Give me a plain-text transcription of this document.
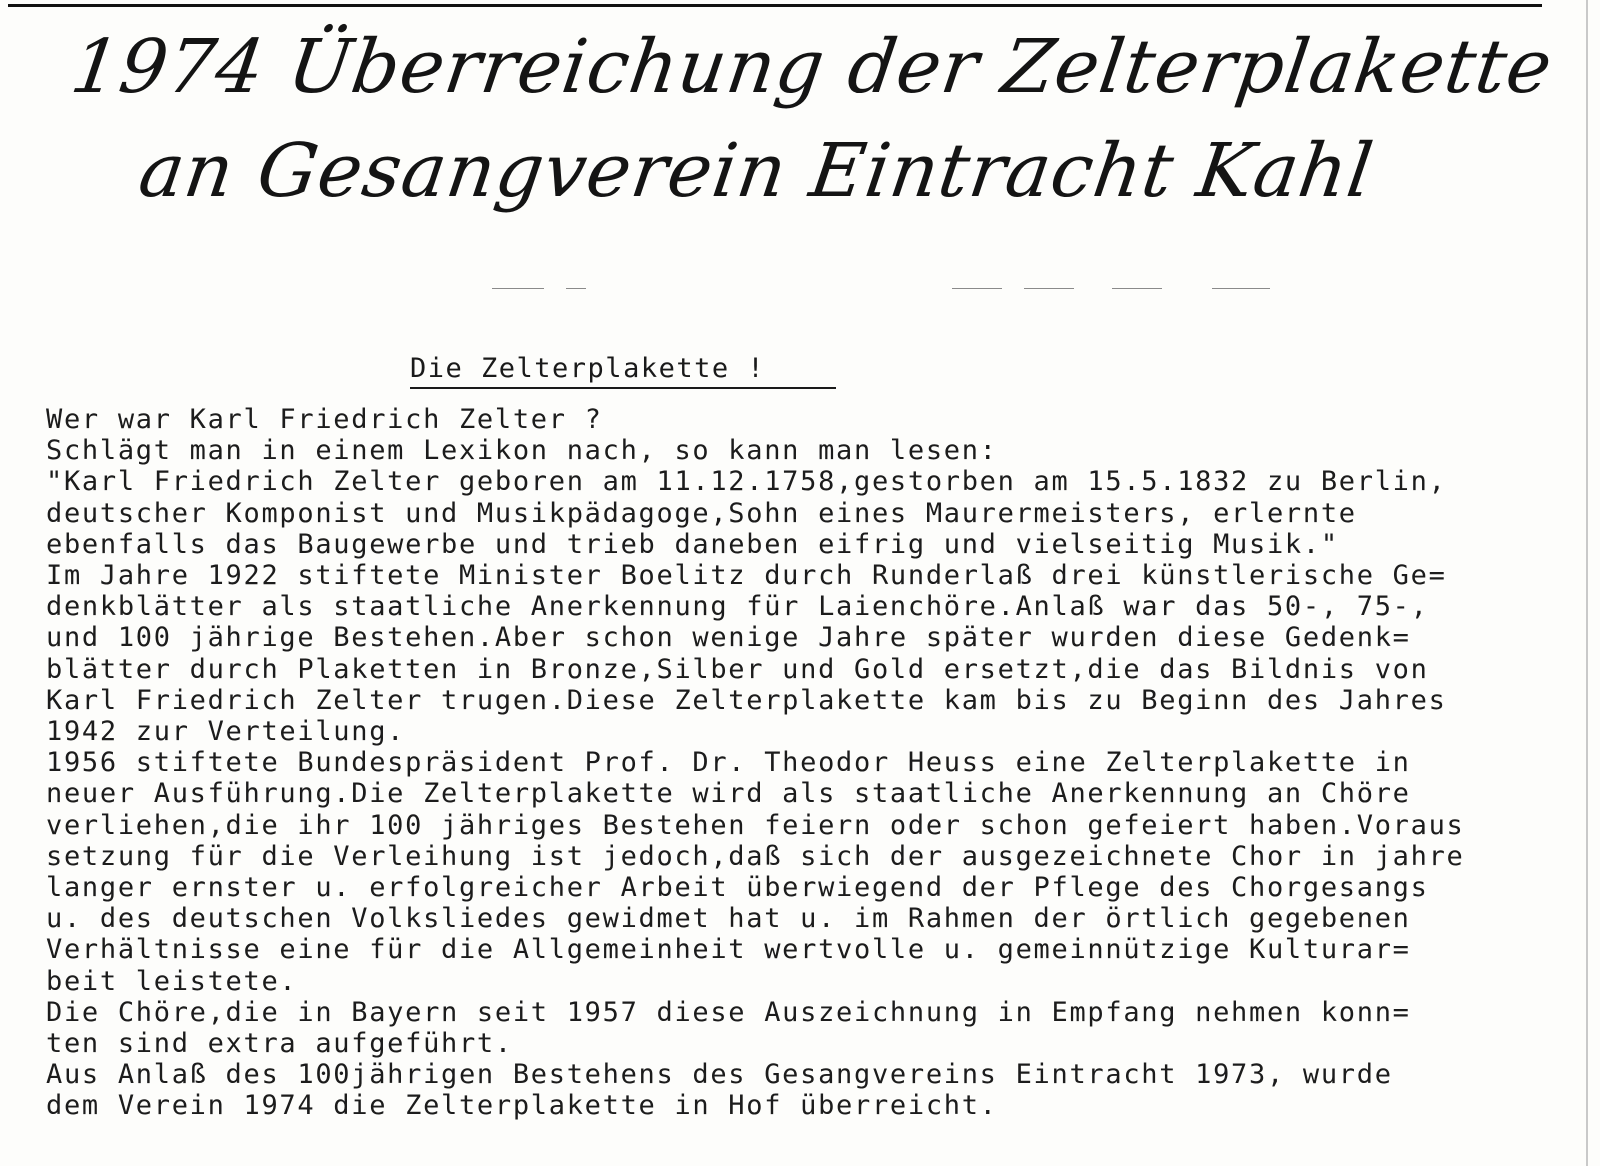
1974 Überreichung der Zelterplakette
an Gesangverein Eintracht Kahl
Die Zelterplakette !
Wer war Karl Friedrich Zelter ?
Schlägt man in einem Lexikon nach, so kann man lesen:
"Karl Friedrich Zelter geboren am 11.12.1758,gestorben am 15.5.1832 zu Berlin,
deutscher Komponist und Musikpädagoge,Sohn eines Maurermeisters, erlernte
ebenfalls das Baugewerbe und trieb daneben eifrig und vielseitig Musik."
Im Jahre 1922 stiftete Minister Boelitz durch Runderlaß drei künstlerische Ge=
denkblätter als staatliche Anerkennung für Laienchöre.Anlaß war das 50-, 75-,
und 100 jährige Bestehen.Aber schon wenige Jahre später wurden diese Gedenk=
blätter durch Plaketten in Bronze,Silber und Gold ersetzt,die das Bildnis von
Karl Friedrich Zelter trugen.Diese Zelterplakette kam bis zu Beginn des Jahres
1942 zur Verteilung.
1956 stiftete Bundespräsident Prof. Dr. Theodor Heuss eine Zelterplakette in
neuer Ausführung.Die Zelterplakette wird als staatliche Anerkennung an Chöre
verliehen,die ihr 100 jähriges Bestehen feiern oder schon gefeiert haben.Voraus
setzung für die Verleihung ist jedoch,daß sich der ausgezeichnete Chor in jahre
langer ernster u. erfolgreicher Arbeit überwiegend der Pflege des Chorgesangs
u. des deutschen Volksliedes gewidmet hat u. im Rahmen der örtlich gegebenen
Verhältnisse eine für die Allgemeinheit wertvolle u. gemeinnützige Kulturar=
beit leistete.
Die Chöre,die in Bayern seit 1957 diese Auszeichnung in Empfang nehmen konn=
ten sind extra aufgeführt.
Aus Anlaß des 100jährigen Bestehens des Gesangvereins Eintracht 1973, wurde
dem Verein 1974 die Zelterplakette in Hof überreicht.
